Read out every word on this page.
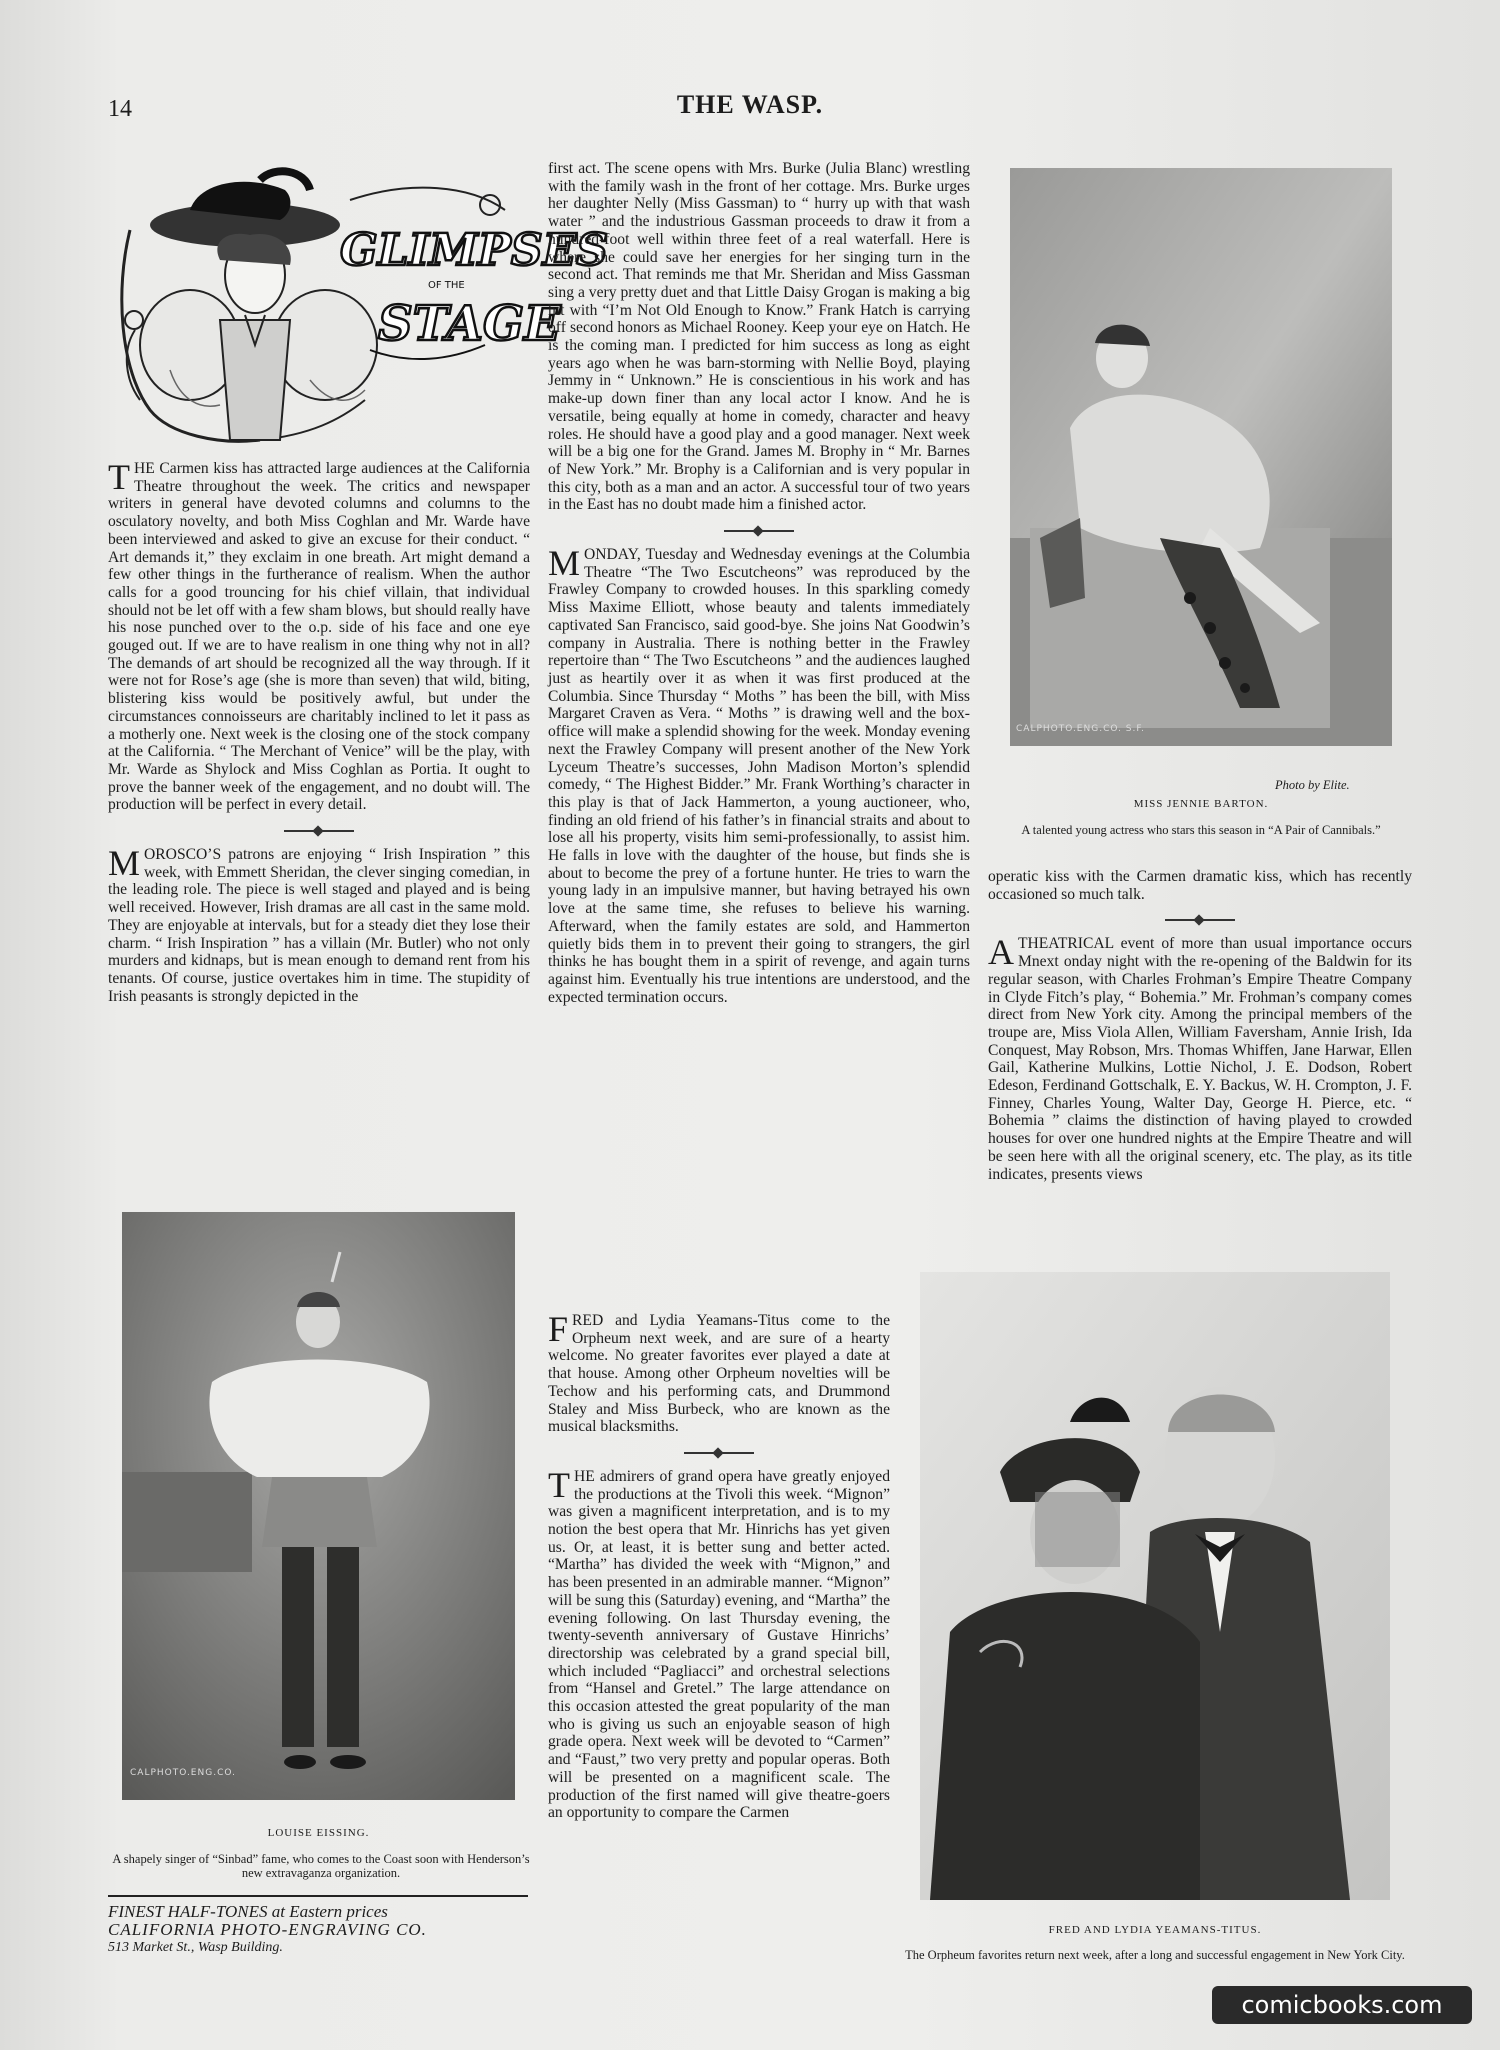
14	THE WASP.
GLIMPSES
OF THE
STAGE

THE Carmen kiss has attracted large audiences at the California Theatre throughout the week. The critics and newspaper writers in general have devoted columns and columns to the osculatory novelty, and both Miss Coghlan and Mr. Warde have been interviewed and asked to give an excuse for their conduct. “ Art demands it,” they exclaim in one breath. Art might demand a few other things in the furtherance of realism. When the author calls for a good trouncing for his chief villain, that individual should not be let off with a few sham blows, but should really have his nose punched over to the o.p. side of his face and one eye gouged out. If we are to have realism in one thing why not in all? The demands of art should be recognized all the way through. If it were not for Rose’s age (she is more than seven) that wild, biting, blistering kiss would be positively awful, but under the circumstances connoisseurs are charitably inclined to let it pass as a motherly one. Next week is the closing one of the stock company at the California. “ The Merchant of Venice” will be the play, with Mr. Warde as Shylock and Miss Coghlan as Portia. It ought to prove the banner week of the engagement, and no doubt will. The production will be perfect in every detail.

MOROSCO’S patrons are enjoying “ Irish Inspiration ” this week, with Emmett Sheridan, the clever singing comedian, in the leading role. The piece is well staged and played and is being well received. However, Irish dramas are all cast in the same mold. They are enjoyable at intervals, but for a steady diet they lose their charm. “ Irish Inspiration ” has a villain (Mr. Butler) who not only murders and kidnaps, but is mean enough to demand rent from his tenants. Of course, justice overtakes him in time. The stupidity of Irish peasants is strongly depicted in the

first act. The scene opens with Mrs. Burke (Julia Blanc) wrestling with the family wash in the front of her cottage. Mrs. Burke urges her daughter Nelly (Miss Gassman) to “ hurry up with that wash water ” and the industrious Gassman proceeds to draw it from a hundred-foot well within three feet of a real waterfall. Here is where she could save her energies for her singing turn in the second act. That reminds me that Mr. Sheridan and Miss Gassman sing a very pretty duet and that Little Daisy Grogan is making a big hit with “I’m Not Old Enough to Know.” Frank Hatch is carrying off second honors as Michael Rooney. Keep your eye on Hatch. He is the coming man. I predicted for him success as long as eight years ago when he was barn-storming with Nellie Boyd, playing Jemmy in “ Unknown.” He is conscientious in his work and has make-up down finer than any local actor I know. And he is versatile, being equally at home in comedy, character and heavy roles. He should have a good play and a good manager. Next week will be a big one for the Grand. James M. Brophy in “ Mr. Barnes of New York.” Mr. Brophy is a Californian and is very popular in this city, both as a man and an actor. A successful tour of two years in the East has no doubt made him a finished actor.

MONDAY, Tuesday and Wednesday evenings at the Columbia Theatre “The Two Escutcheons” was reproduced by the Frawley Company to crowded houses. In this sparkling comedy Miss Maxime Elliott, whose beauty and talents immediately captivated San Francisco, said good-bye. She joins Nat Goodwin’s company in Australia. There is nothing better in the Frawley repertoire than “ The Two Escutcheons ” and the audiences laughed just as heartily over it as when it was first produced at the Columbia. Since Thursday “ Moths ” has been the bill, with Miss Margaret Craven as Vera. “ Moths ” is drawing well and the box-office will make a splendid showing for the week. Monday evening next the Frawley Company will present another of the New York Lyceum Theatre’s successes, John Madison Morton’s splendid comedy, “ The Highest Bidder.” Mr. Frank Worthing’s character in this play is that of Jack Hammerton, a young auctioneer, who, finding an old friend of his father’s in financial straits and about to lose all his property, visits him semi-professionally, to assist him. He falls in love with the daughter of the house, but finds she is about to become the prey of a fortune hunter. He tries to warn the young lady in an impulsive manner, but having betrayed his own love at the same time, she refuses to believe his warning. Afterward, when the family estates are sold, and Hammerton quietly bids them in to prevent their going to strangers, the girl thinks he has bought them in a spirit of revenge, and again turns against him. Eventually his true intentions are understood, and the expected termination occurs.

FRED and Lydia Yeamans-Titus come to the Orpheum next week, and are sure of a hearty welcome. No greater favorites ever played a date at that house. Among other Orpheum novelties will be Techow and his performing cats, and Drummond Staley and Miss Burbeck, who are known as the musical blacksmiths.

THE admirers of grand opera have greatly enjoyed the productions at the Tivoli this week. “Mignon” was given a magnificent interpretation, and is to my notion the best opera that Mr. Hinrichs has yet given us. Or, at least, it is better sung and better acted. “Martha” has divided the week with “Mignon,” and has been presented in an admirable manner. “Mignon” will be sung this (Saturday) evening, and “Martha” the evening following. On last Thursday evening, the twenty-seventh anniversary of Gustave Hinrichs’ directorship was celebrated by a grand special bill, which included “Pagliacci” and orchestral selections from “Hansel and Gretel.” The large attendance on this occasion attested the great popularity of the man who is giving us such an enjoyable season of high grade opera. Next week will be devoted to “Carmen” and “Faust,” two very pretty and popular operas. Both will be presented on a magnificent scale. The production of the first named will give theatre-goers an opportunity to compare the Carmen

operatic kiss with the Carmen dramatic kiss, which has recently occasioned so much talk.

ATHEATRICAL event of more than usual importance occurs Mnext onday night with the re-opening of the Baldwin for its regular season, with Charles Frohman’s Empire Theatre Company in Clyde Fitch’s play, “ Bohemia.” Mr. Frohman’s company comes direct from New York city. Among the principal members of the troupe are, Miss Viola Allen, William Faversham, Annie Irish, Ida Conquest, May Robson, Mrs. Thomas Whiffen, Jane Harwar, Ellen Gail, Katherine Mulkins, Lottie Nichol, J. E. Dodson, Robert Edeson, Ferdinand Gottschalk, E. Y. Backus, W. H. Crompton, J. F. Finney, Charles Young, Walter Day, George H. Pierce, etc. “ Bohemia ” claims the distinction of having played to crowded houses for over one hundred nights at the Empire Theatre and will be seen here with all the original scenery, etc. The play, as its title indicates, presents views

CALPHOTO.ENG.CO. S.F.
Photo by Elite.
MISS JENNIE BARTON.
A talented young actress who stars this season in “A Pair of Cannibals.”
CALPHOTO.ENG.CO.
LOUISE EISSING.
A shapely singer of “Sinbad” fame, who comes to the Coast soon with Henderson’s new extravaganza organization.
FRED AND LYDIA YEAMANS-TITUS.
The Orpheum favorites return next week, after a long and successful engagement in New York City.
FINEST HALF-TONES at Eastern prices
CALIFORNIA PHOTO-ENGRAVING CO.
513 Market St., Wasp Building.
comicbooks.com
